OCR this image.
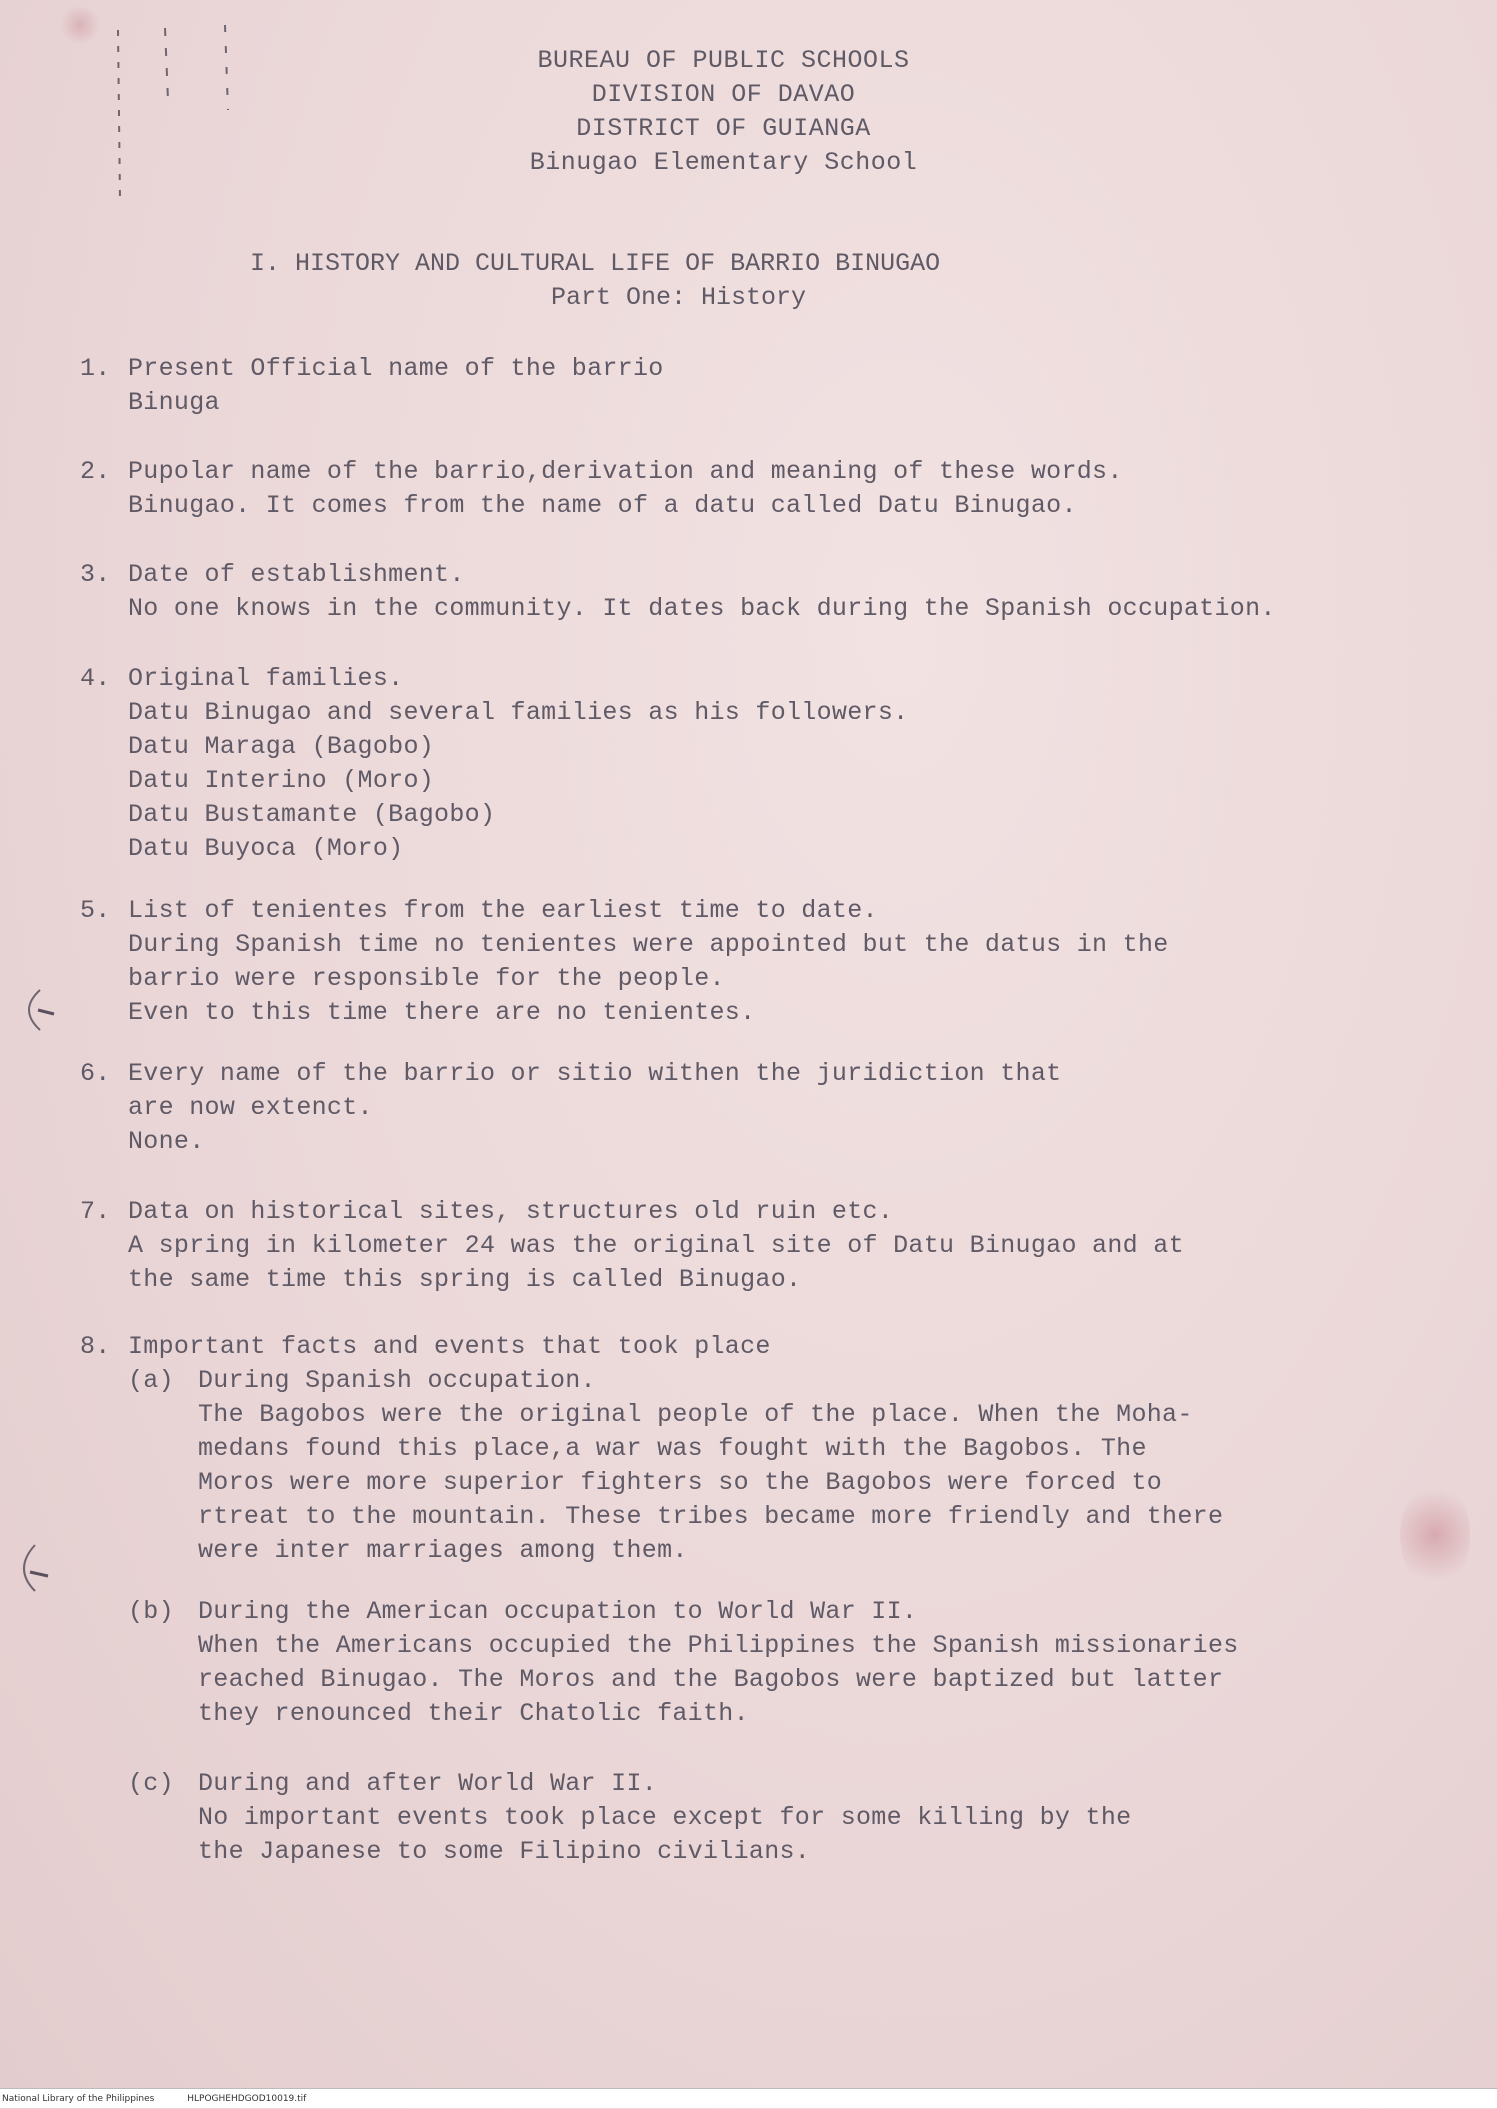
BUREAU OF PUBLIC SCHOOLS
DIVISION OF DAVAO
DISTRICT OF GUIANGA
Binugao Elementary School
I. HISTORY AND CULTURAL LIFE OF BARRIO BINUGAO
Part One: History
1. Present Official name of the barrio
Binuga
2. Pupolar name of the barrio,derivation and meaning of these words.
Binugao. It comes from the name of a datu called Datu Binugao.
3. Date of establishment.
No one knows in the community. It dates back during the Spanish occupation.
4. Original families.
Datu Binugao and several families as his followers.
Datu Maraga (Bagobo)
Datu Interino (Moro)
Datu Bustamante (Bagobo)
Datu Buyoca (Moro)
5. List of tenientes from the earliest time to date.
During Spanish time no tenientes were appointed but the datus in the
barrio were responsible for the people.
Even to this time there are no tenientes.
6. Every name of the barrio or sitio withen the juridiction that
are now extenct.
None.
7. Data on historical sites, structures old ruin etc.
A spring in kilometer 24 was the original site of Datu Binugao and at
the same time this spring is called Binugao.
8. Important facts and events that took place
(a) During Spanish occupation.
The Bagobos were the original people of the place. When the Moha-
medans found this place,a war was fought with the Bagobos. The
Moros were more superior fighters so the Bagobos were forced to
rtreat to the mountain. These tribes became more friendly and there
were inter marriages among them.
(b) During the American occupation to World War II.
When the Americans occupied the Philippines the Spanish missionaries
reached Binugao. The Moros and the Bagobos were baptized but latter
they renounced their Chatolic faith.
(c) During and after World War II.
No important events took place except for some killing by the
the Japanese to some Filipino civilians.
National Library of the Philippines	HLPOGHEHDGOD10019.tif
